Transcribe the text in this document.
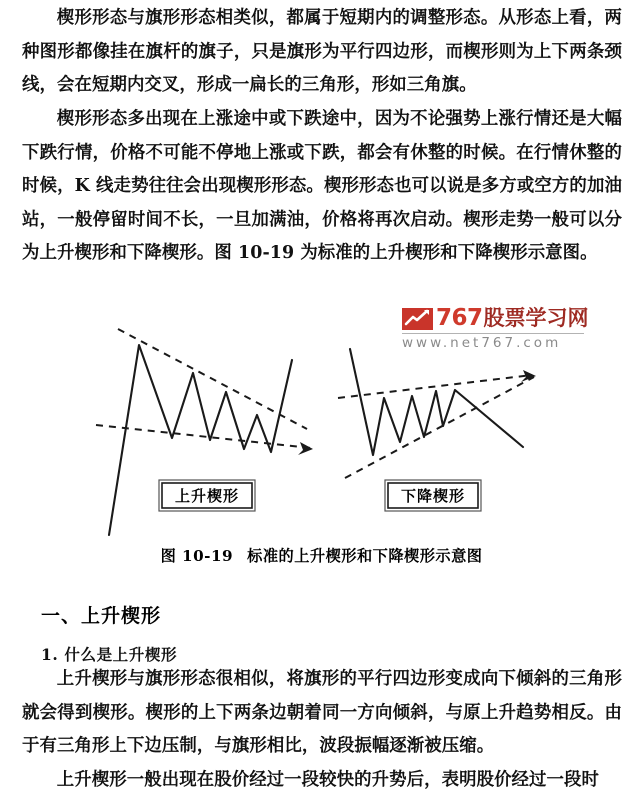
楔形形态与旗形形态相类似，都属于短期内的调整形态。从形态上看，两种图形都像挂在旗杆的旗子，只是旗形为平行四边形，而楔形则为上下两条颈线，会在短期内交叉，形成一扁长的三角形，形如三角旗。

楔形形态多出现在上涨途中或下跌途中，因为不论强势上涨行情还是大幅下跌行情，价格不可能不停地上涨或下跌，都会有休整的时候。在行情休整的时候，K 线走势往往会出现楔形形态。楔形形态也可以说是多方或空方的加油站，一般停留时间不长，一旦加满油，价格将再次启动。楔形走势一般可以分为上升楔形和下降楔形。图 10-19 为标准的上升楔形和下降楔形示意图。

上升楔形	下降楔形
767 股票学习网
www.net767.com
图 10-19 标准的上升楔形和下降楔形示意图
一、上升楔形
1. 什么是上升楔形

上升楔形与旗形形态很相似，将旗形的平行四边形变成向下倾斜的三角形就会得到楔形。楔形的上下两条边朝着同一方向倾斜，与原上升趋势相反。由于有三角形上下边压制，与旗形相比，波段振幅逐渐被压缩。

上升楔形一般出现在股价经过一段较快的升势后，表明股价经过一段时
